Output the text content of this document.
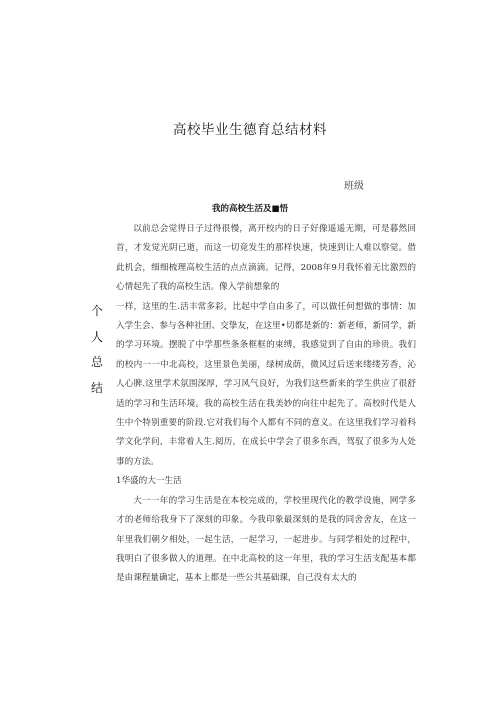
高校毕业生德育总结材料
班级
我的高校生活及■悟
个
人
总
结

以前总会觉得日子过得很慢，离开校内的日子好像遥遥无期，可是暮然回首，才发觉光阴已逝，而这一切竟发生的那样快速，快速到让人难以察觉。借此机会，细细梳理高校生活的点点滴滴。记得，2008年9月我怀着无比激烈的心情起先了我的高校生活。像入学前想象的

一样，这里的生.活丰常多彩，比起中学自由多了，可以做任何想做的事情：加入学生会、参与各种社团、交挚友，在这里•切都是新的：新老师，新同学，新的学习环境。摆脱了中学那些条条框框的束缚，我感觉到了自由的珍贵。我们的校内一一中北高校，这里景色美丽，绿树成荫，微风过后送来缕缕芳香，沁人心脾.这里学术氛围深厚，学习风气良好，为我们这些新来的学生供应了很舒适的学习和生活环境。我的高校生活在我美妙的向往中起先了。高校时代是人生中个特别重要的阶段.它对我们每个人都有不同的意义。在这里我们学习着科学文化学问，丰常着人生.阅历，在成长中学会了很多东西，驾驭了很多为人处事的方法。

1华盛的大一生活

大一一年的学习生活是在本校完成的，学校里现代化的教学设施，网学多才的老师给我身下了深刻的印象。今我印象最深刻的是我的同舍舍友，在这一年里我们朝夕相处，一起生活，一起学习，一起进步。与同学相处的过程中，我明白了很多做人的道理。在中北高校的这一年里，我的学习生活支配基本都是由课程量确定，基本上都是一些公共基础课，自己没有太大的
